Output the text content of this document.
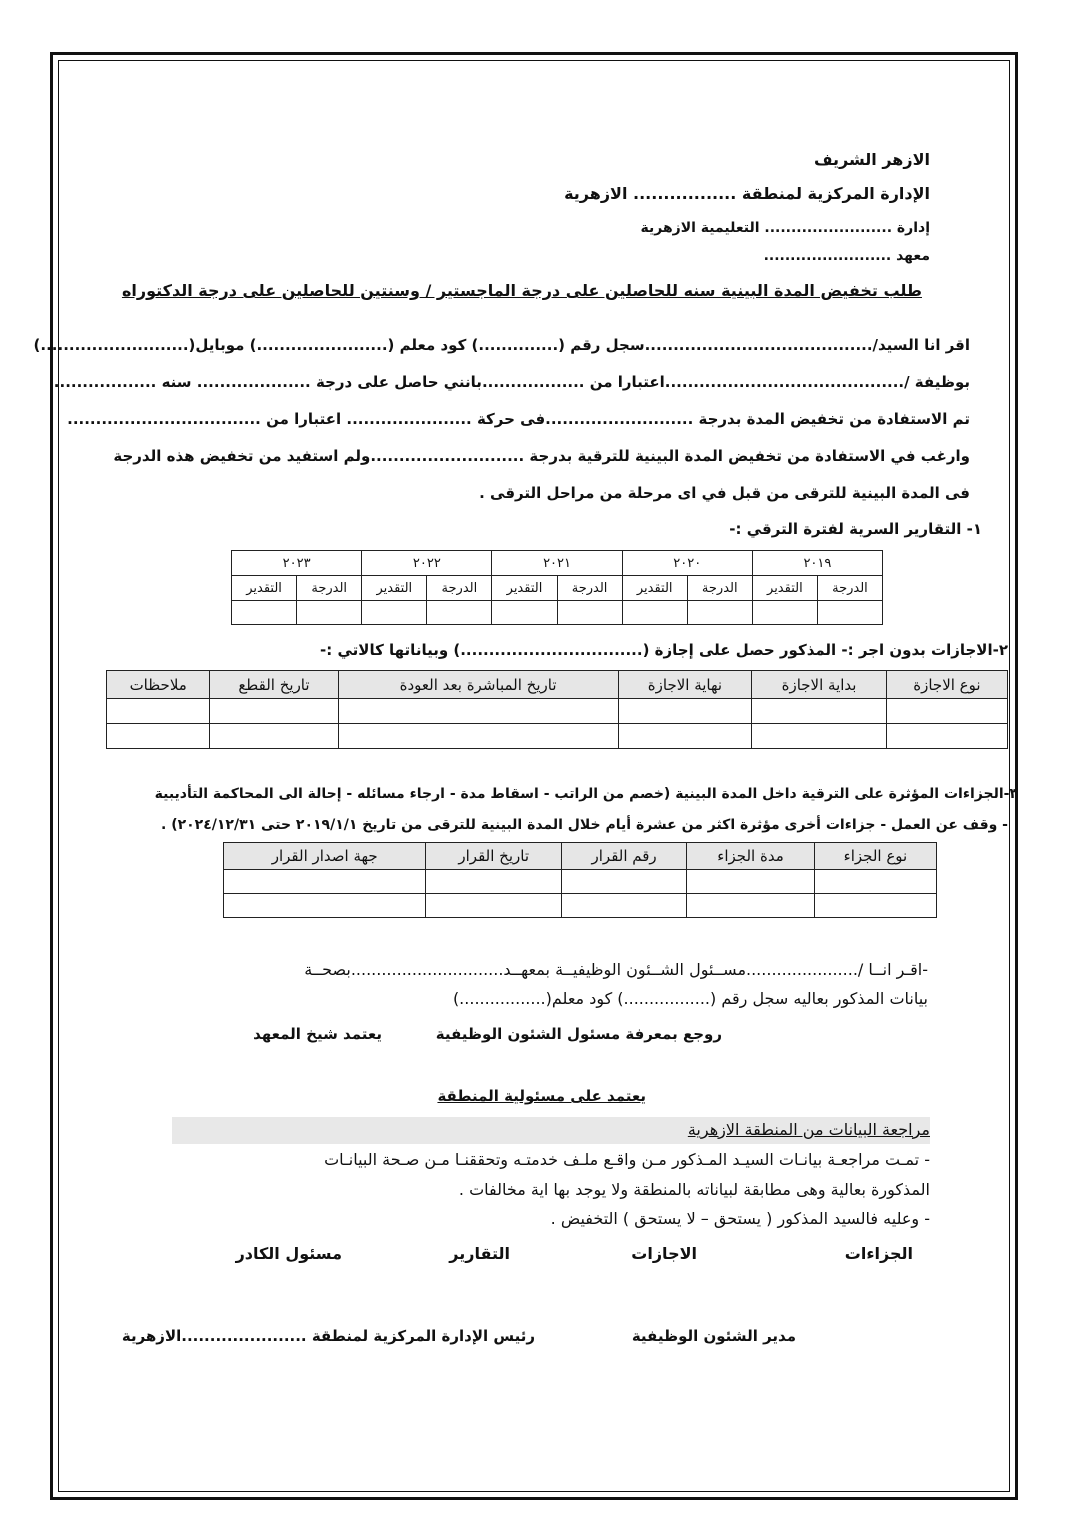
الازهر الشريف
الإدارة المركزية لمنطقة ................. الازهرية
إدارة ........................ التعليمية الازهرية
معهد ........................
طلب تخفيض المدة البينية سنه للحاصلين على درجة الماجستير / وسنتين للحاصلين على درجة الدكتوراه
اقر انا السيد/........................................سجل رقم (..............) كود معلم (.......................) موبايل(..........................)
بوظيفة /..........................................اعتبارا من ..................بانني حاصل على درجة .................... سنه ..................
تم الاستفادة من تخفيض المدة بدرجة ..........................فى حركة ...................... اعتبارا من ..................................
وارغب في الاستفادة من تخفيض المدة البينية للترقية بدرجة ...........................ولم استفيد من تخفيض هذه الدرجة
فى المدة البينية للترقى من قبل في اى مرحلة من مراحل الترقى .
١- التقارير السرية لفترة الترقي :-
٢٠١٩		٢٠٢٠		٢٠٢١		٢٠٢٢		٢٠٢٣	
الدرجة	التقدير	الدرجة	التقدير	الدرجة	التقدير	الدرجة	التقدير	الدرجة	التقدير

٢-الاجازات بدون اجر :- المذكور حصل على إجازة (................................) وبياناتها كالاتي :-
نوع الاجازة	بداية الاجازة	نهاية الاجازة	تاريخ المباشرة بعد العودة	تاريخ القطع	ملاحظات

٣-الجزاءات المؤثرة على الترقية داخل المدة البينية (خصم من الراتب - اسقاط مدة - ارجاء مسائله - إحالة الى المحاكمة التأديبية
- وقف عن العمل - جزاءات أخرى مؤثرة اكثر من عشرة أيام خلال المدة البينية للترقى من تاريخ ٢٠١٩/١/١ حتى ٢٠٢٤/١٢/٣١) .
نوع الجزاء	مدة الجزاء	رقم القرار	تاريخ القرار	جهة اصدار القرار

-اقـر انــا /......................مســئول الشــئون الوظيفيــة بمعهــد..............................بصحــة
بيانات المذكور بعاليه سجل رقم (.................) كود معلم(.................)
روجع بمعرفة مسئول الشئون الوظيفية
يعتمد شيخ المعهد
يعتمد على مسئولية المنطقة
مراجعة البيانات من المنطقة الازهرية
- تمـت مراجعـة بيانـات السيـد المـذكور مـن واقـع ملـف خدمتـه وتحققنـا مـن صـحة البيانـات
المذكورة بعالية وهى مطابقة لبياناته بالمنطقة ولا يوجد بها اية مخالفات .
- وعليه فالسيد المذكور ( يستحق – لا يستحق ) التخفيض .
الجزاءات
الاجازات
التقارير
مسئول الكادر
مدير الشئون الوظيفية
رئيس الإدارة المركزية لمنطقة ......................الازهرية
